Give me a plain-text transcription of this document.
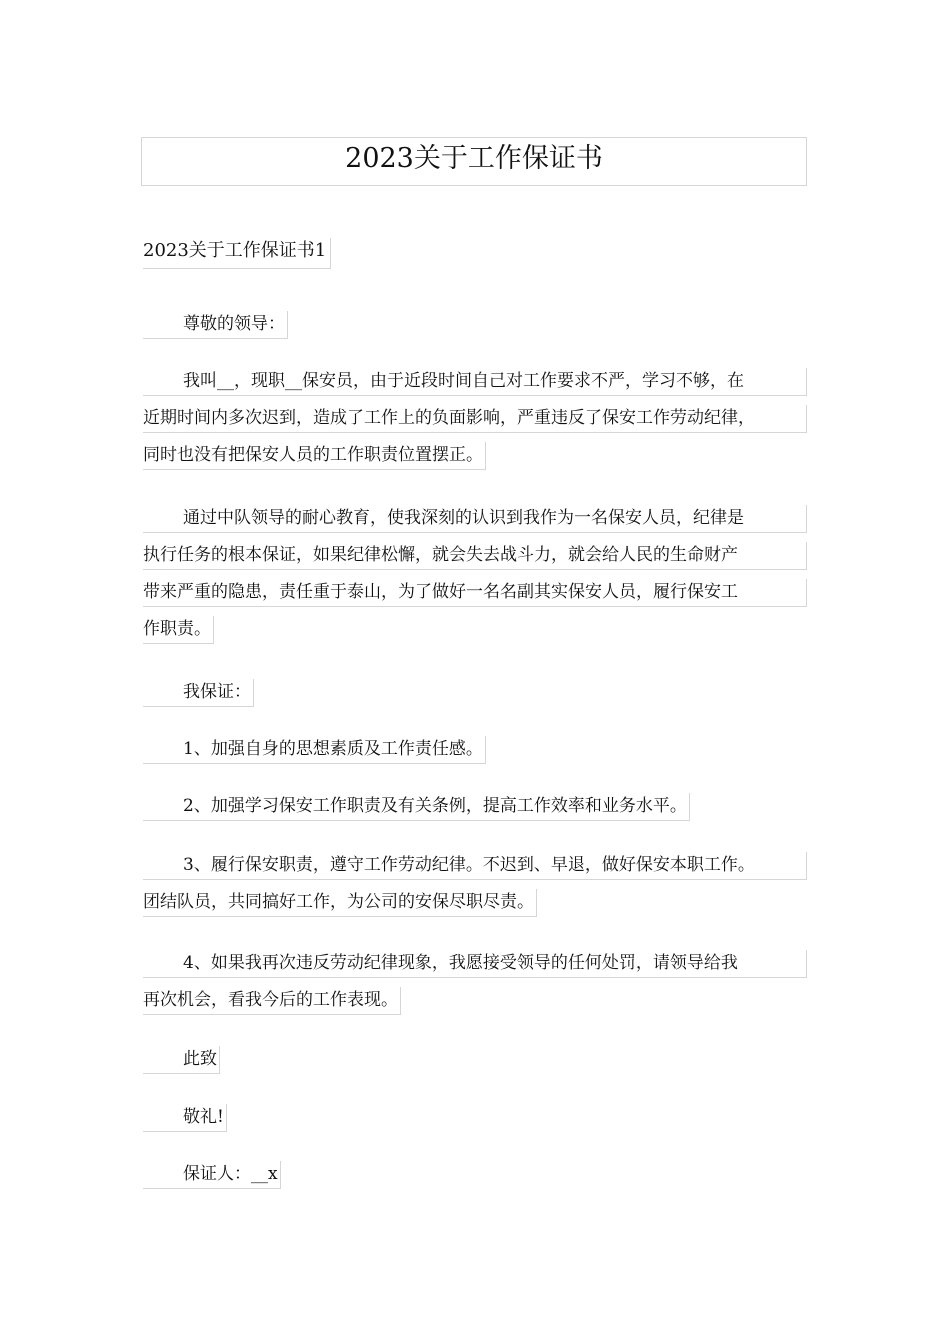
2023关于工作保证书
2023关于工作保证书1
尊敬的领导：
我叫__，现职__保安员，由于近段时间自己对工作要求不严，学习不够，在
近期时间内多次迟到，造成了工作上的负面影响，严重违反了保安工作劳动纪律，
同时也没有把保安人员的工作职责位置摆正。
通过中队领导的耐心教育，使我深刻的认识到我作为一名保安人员，纪律是
执行任务的根本保证，如果纪律松懈，就会失去战斗力，就会给人民的生命财产
带来严重的隐患，责任重于泰山，为了做好一名名副其实保安人员，履行保安工
作职责。
我保证：
1、加强自身的思想素质及工作责任感。
2、加强学习保安工作职责及有关条例，提高工作效率和业务水平。
3、履行保安职责，遵守工作劳动纪律。不迟到、早退，做好保安本职工作。
团结队员，共同搞好工作，为公司的安保尽职尽责。
4、如果我再次违反劳动纪律现象，我愿接受领导的任何处罚，请领导给我
再次机会，看我今后的工作表现。
此致
敬礼!
保证人：__x
